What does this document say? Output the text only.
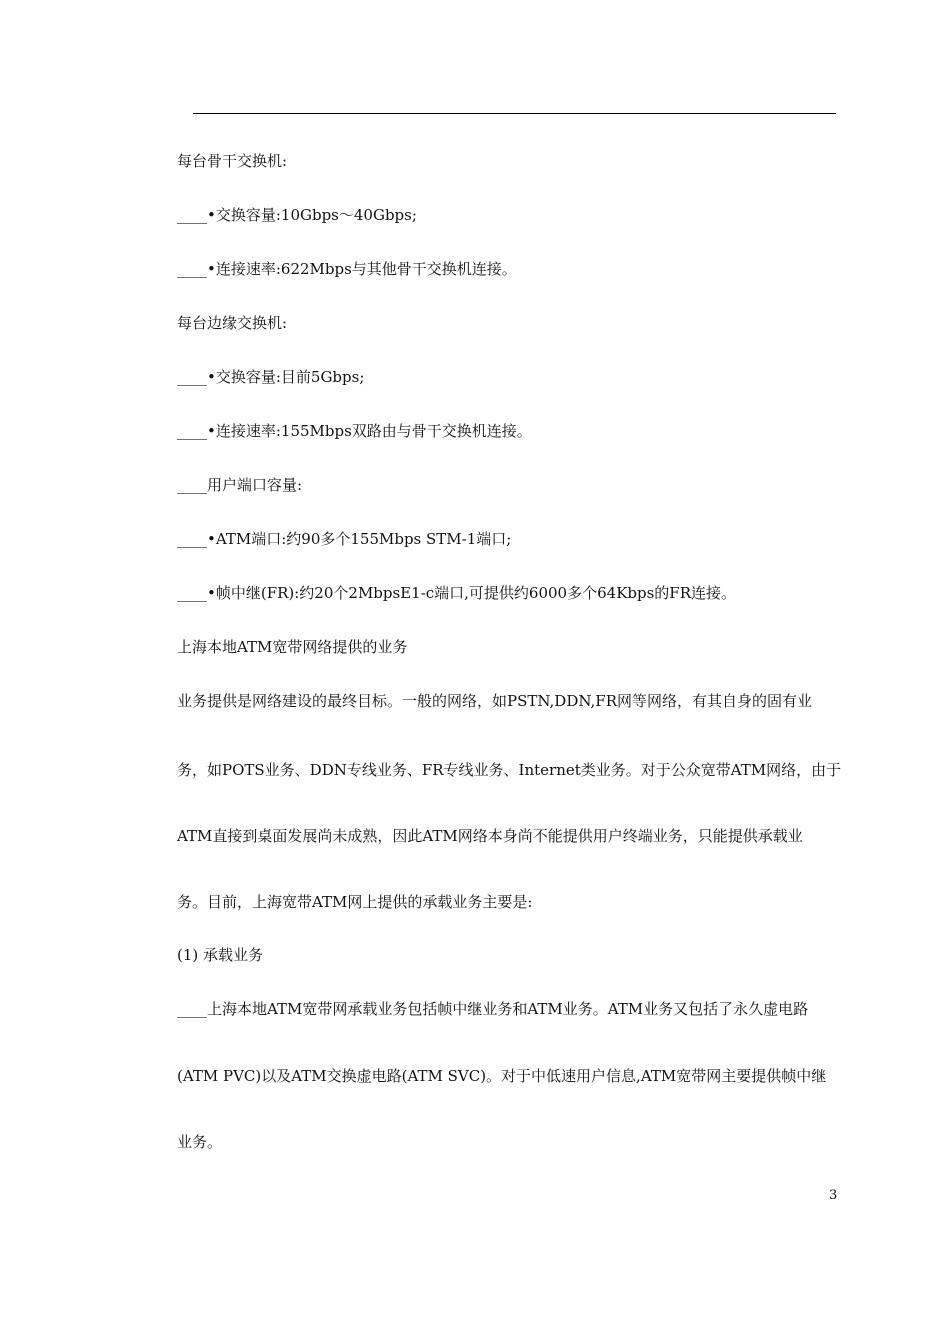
每台骨干交换机:
____•交换容量:10Gbps～40Gbps;
____•连接速率:622Mbps与其他骨干交换机连接。
每台边缘交换机:
____•交换容量:目前5Gbps;
____•连接速率:155Mbps双路由与骨干交换机连接。
____用户端口容量:
____•ATM端口:约90多个155Mbps STM-1端口;
____•帧中继(FR):约20个2MbpsE1-c端口,可提供约6000多个64Kbps的FR连接。
上海本地ATM宽带网络提供的业务
业务提供是网络建设的最终目标。一般的网络，如PSTN,DDN,FR网等网络，有其自身的固有业
务，如POTS业务、DDN专线业务、FR专线业务、Internet类业务。对于公众宽带ATM网络，由于
ATM直接到桌面发展尚未成熟，因此ATM网络本身尚不能提供用户终端业务，只能提供承载业
务。目前，上海宽带ATM网上提供的承载业务主要是:
(1) 承载业务
____上海本地ATM宽带网承载业务包括帧中继业务和ATM业务。ATM业务又包括了永久虚电路
(ATM PVC)以及ATM交换虚电路(ATM SVC)。对于中低速用户信息,ATM宽带网主要提供帧中继
业务。
3
